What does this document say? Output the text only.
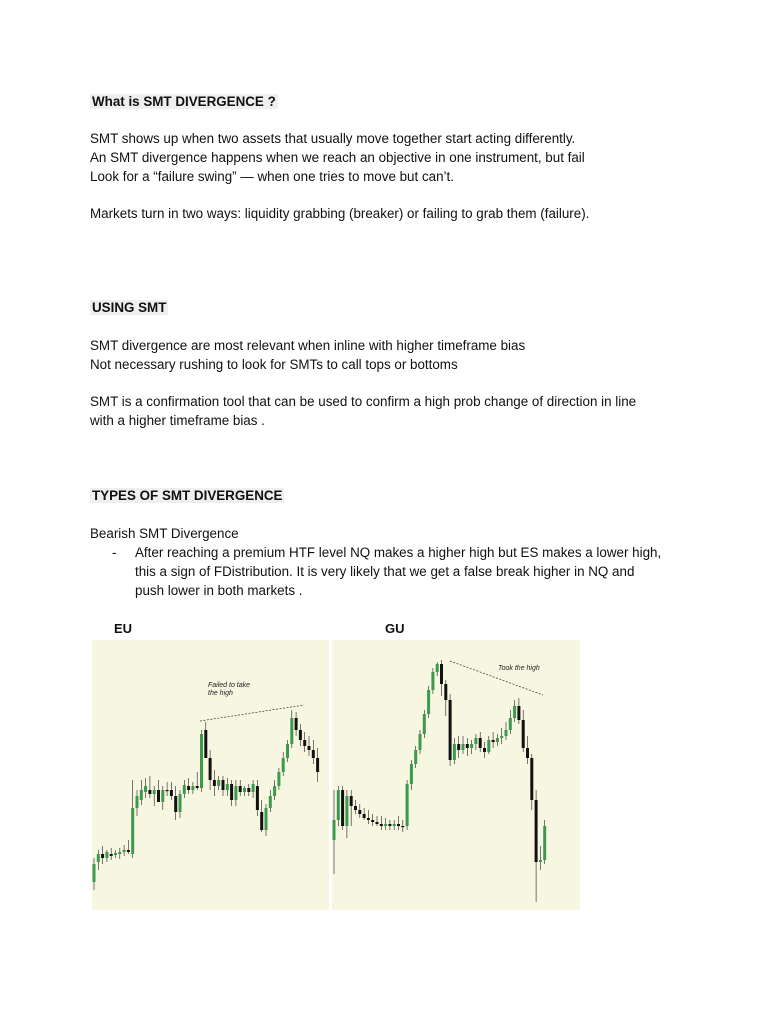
What is SMT DIVERGENCE ?
SMT shows up when two assets that usually move together start acting differently.
An SMT divergence happens when we reach an objective in one instrument, but fail
Look for a “failure swing” — when one tries to move but can’t.
Markets turn in two ways: liquidity grabbing (breaker) or failing to grab them (failure).
USING SMT
SMT divergence are most relevant when inline with higher timeframe bias
Not necessary rushing to look for SMTs to call tops or bottoms
SMT is a confirmation tool that can be used to confirm a high prob change of direction in line
with a higher timeframe bias .
TYPES OF SMT DIVERGENCE
Bearish SMT Divergence
- After reaching a premium HTF level NQ makes a higher high but ES makes a lower high,
this a sign of FDistribution. It is very likely that we get a false break higher in NQ and
push lower in both markets .
EU	GU
Failed to take
the high
Took the high
